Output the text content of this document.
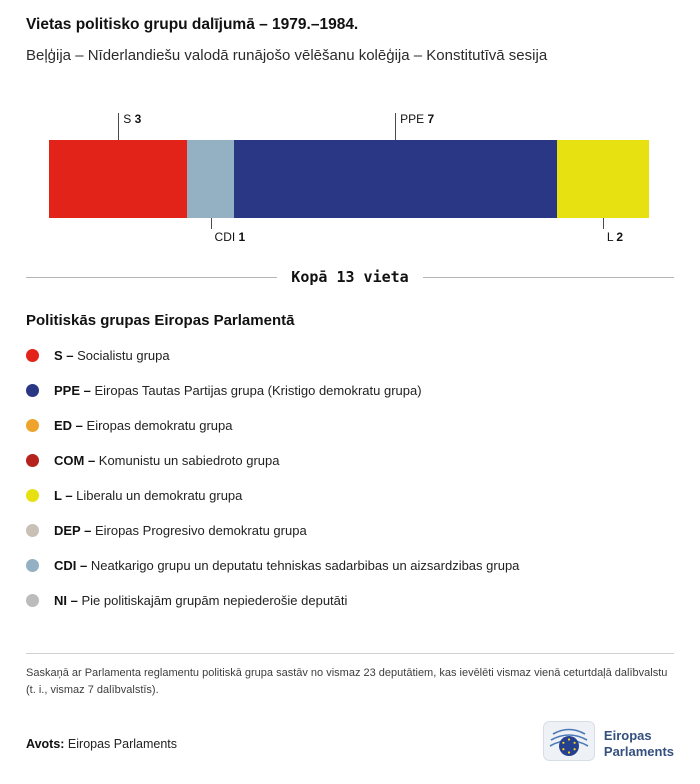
Vietas politisko grupu dalījumā – 1979.–1984.
Beļģija – Nīderlandiešu valodā runājošo vēlēšanu kolēģija – Konstitutīvā sesija
S 3
CDI 1
PPE 7
L 2
Kopā 13 vieta
Politiskās grupas Eiropas Parlamentā
S – Socialistu grupa
PPE – Eiropas Tautas Partijas grupa (Kristigo demokratu grupa)
ED – Eiropas demokratu grupa
COM – Komunistu un sabiedroto grupa
L – Liberalu un demokratu grupa
DEP – Eiropas Progresivo demokratu grupa
CDI – Neatkarigo grupu un deputatu tehniskas sadarbibas un aizsardzibas grupa
NI – Pie politiskajām grupām nepiederošie deputāti
Saskaņā ar Parlamenta reglamentu politiskā grupa sastāv no vismaz 23 deputātiem, kas ievēlēti vismaz vienā ceturtdaļā dalībvalstu (t. i., vismaz 7 dalībvalstīs).
Avots: Eiropas Parlaments
Eiropas
Parlaments
